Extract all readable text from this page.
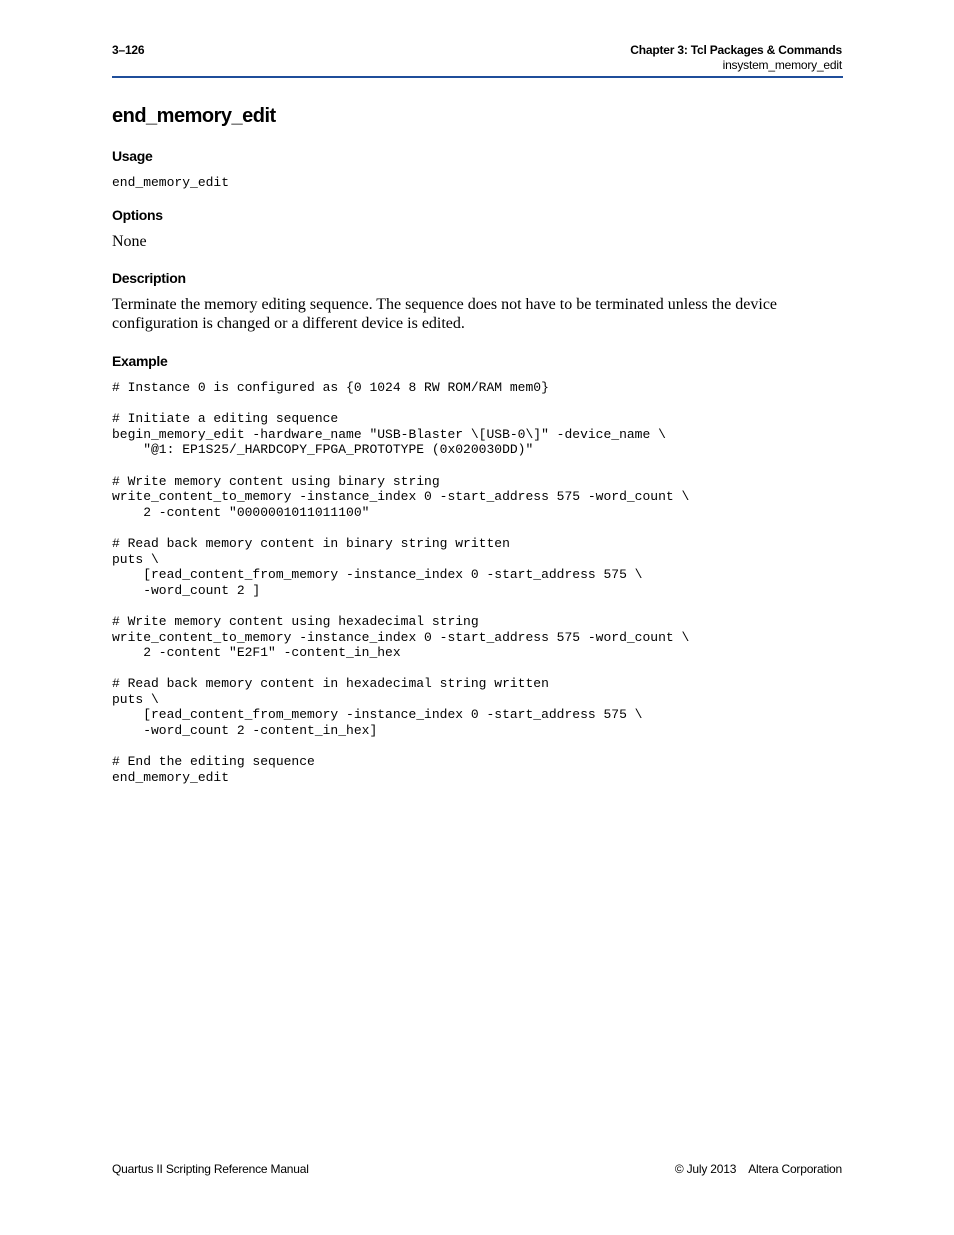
3–126	Chapter 3: Tcl Packages & Commands
insystem_memory_edit
end_memory_edit
Usage
end_memory_edit
Options
None
Description
Terminate the memory editing sequence. The sequence does not have to be terminated unless the device configuration is changed or a different device is edited.
Example
# Instance 0 is configured as {0 1024 8 RW ROM/RAM mem0}

# Initiate a editing sequence
begin_memory_edit -hardware_name "USB-Blaster \[USB-0\]" -device_name \
"@1: EP1S25/_HARDCOPY_FPGA_PROTOTYPE (0x020030DD)"

# Write memory content using binary string
write_content_to_memory -instance_index 0 -start_address 575 -word_count \
2 -content "0000001011011100"

# Read back memory content in binary string written
puts \
[read_content_from_memory -instance_index 0 -start_address 575 \
-word_count 2 ]

# Write memory content using hexadecimal string
write_content_to_memory -instance_index 0 -start_address 575 -word_count \
2 -content "E2F1" -content_in_hex

# Read back memory content in hexadecimal string written
puts \
[read_content_from_memory -instance_index 0 -start_address 575 \
-word_count 2 -content_in_hex]

# End the editing sequence
end_memory_edit
Quartus II Scripting Reference Manual	© July 2013 Altera Corporation
